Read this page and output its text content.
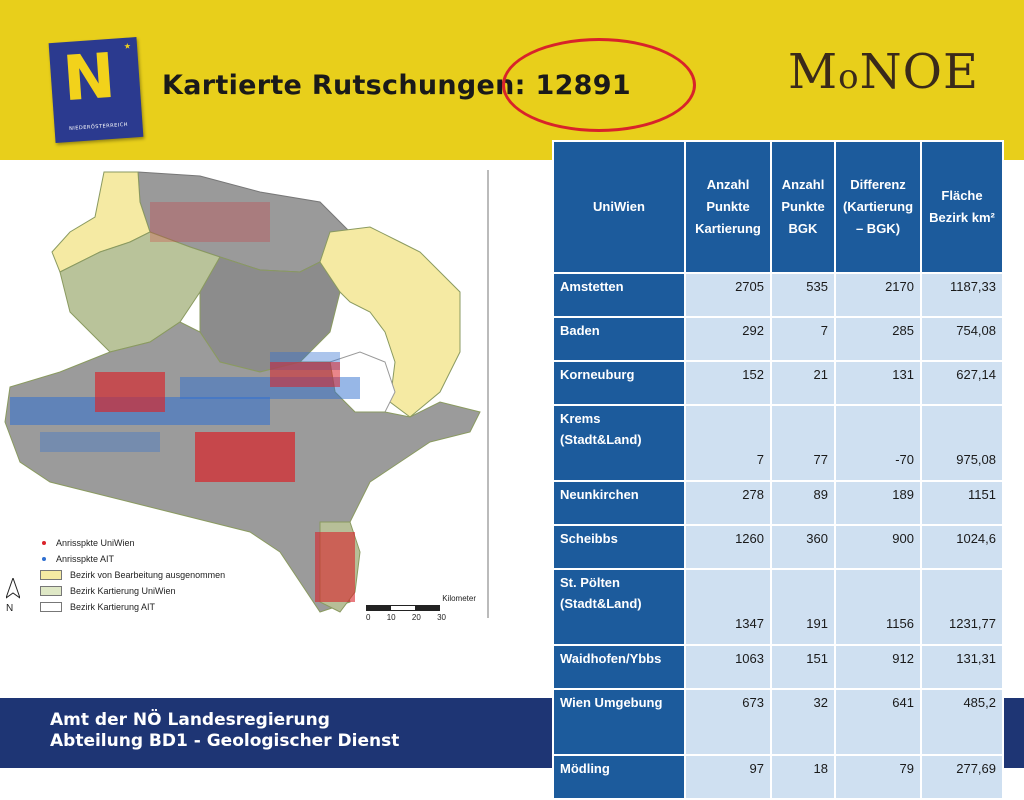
★
N
NIEDERÖSTERREICH
Kartierte Rutschungen: 12891	MoNOE
Anrisspkte UniWien
Anrisspkte AIT
Bezirk von Bearbeitung ausgenommen
Bezirk Kartierung UniWien
Bezirk Kartierung AIT
N
Kilometer
0 10 20 30
Amt der NÖ Landesregierung
Abteilung BD1 - Geologischer Dienst
UniWien	Anzahl Punkte Kartierung	Anzahl Punkte BGK	Differenz (Kartierung – BGK)	Fläche Bezirk km²
Amstetten	2705	535	2170	1187,33
Baden	292	7	285	754,08
Korneuburg	152	21	131	627,14
Krems (Stadt&Land)	7	77	-70	975,08
Neunkirchen	278	89	189	1151
Scheibbs	1260	360	900	1024,6
St. Pölten (Stadt&Land)	1347	191	1156	1231,77
Waidhofen/Ybbs	1063	151	912	131,31
Wien Umgebung	673	32	641	485,2
Mödling	97	18	79	277,69
